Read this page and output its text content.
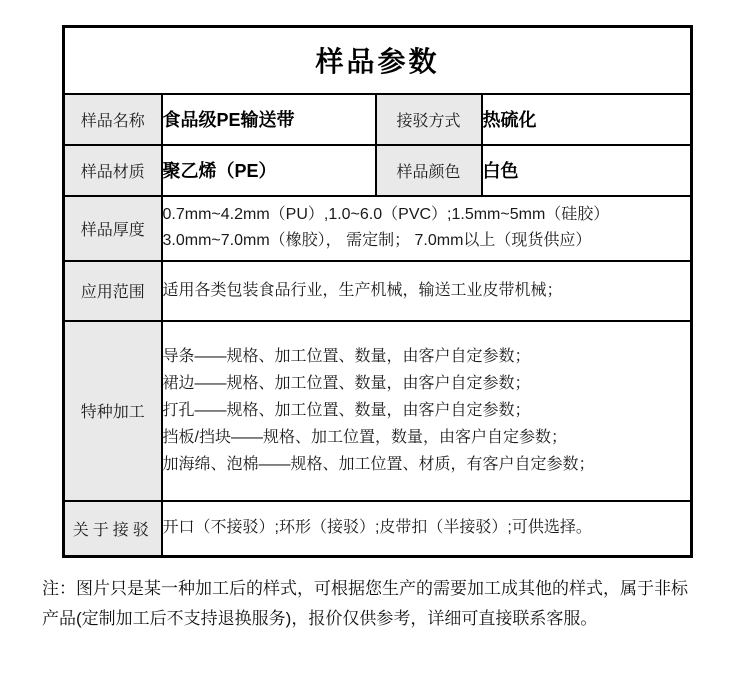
样品参数			
样品名称	食品级PE输送带	接驳方式	热硫化
样品材质	聚乙烯（PE）	样品颜色	白色
样品厚度	0.7mm~4.2mm（PU）,1.0~6.0（PVC）;1.5mm~5mm（硅胶）
3.0mm~7.0mm（橡胶）， 需定制； 7.0mm以上（现货供应）		

应用范围	适用各类包装食品行业，生产机械，输送工业皮带机械；		

特种加工	导条——规格、加工位置、数量，由客户自定参数；
裙边——规格、加工位置、数量，由客户自定参数；
打孔——规格、加工位置、数量，由客户自定参数；
挡板/挡块——规格、加工位置，数量，由客户自定参数；
加海绵、泡棉——规格、加工位置、材质，有客户自定参数；		

关于接驳	开口（不接驳）;环形（接驳）;皮带扣（半接驳）;可供选择。		
注：图片只是某一种加工后的样式，可根据您生产的需要加工成其他的样式，属于非标
产品(定制加工后不支持退换服务)，报价仅供参考，详细可直接联系客服。
